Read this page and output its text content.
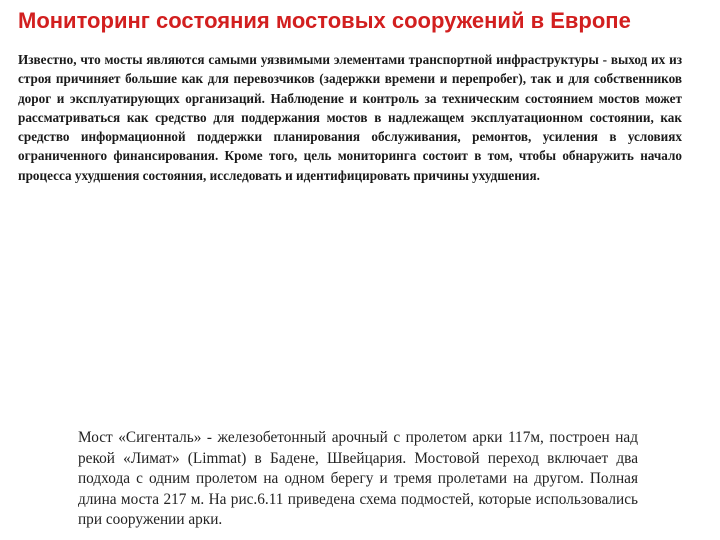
Мониторинг состояния мостовых сооружений в Европе

Известно, что мосты являются самыми уязвимыми элементами транспортной инфраструктуры - выход их из строя причиняет большие как для перевозчиков (задержки времени и перепробег), так и для собственников дорог и эксплуатирующих организаций. Наблюдение и контроль за техническим состоянием мостов может рассматриваться как средство для поддержания мостов в надлежащем эксплуатационном состоянии, как средство информационной поддержки планирования обслуживания, ремонтов, усиления в условиях ограниченного финансирования. Кроме того, цель мониторинга состоит в том, чтобы обнаружить начало процесса ухудшения состояния, исследовать и идентифицировать причины ухудшения.

Мост «Сигенталь» - железобетонный арочный с пролетом арки 117м, построен над рекой «Лимат» (Limmat) в Бадене, Швейцария. Мостовой переход включает два подхода с одним пролетом на одном берегу и тремя пролетами на другом. Полная длина моста 217 м. На рис.6.11 приведена схема подмостей, которые использовались при сооружении арки.
